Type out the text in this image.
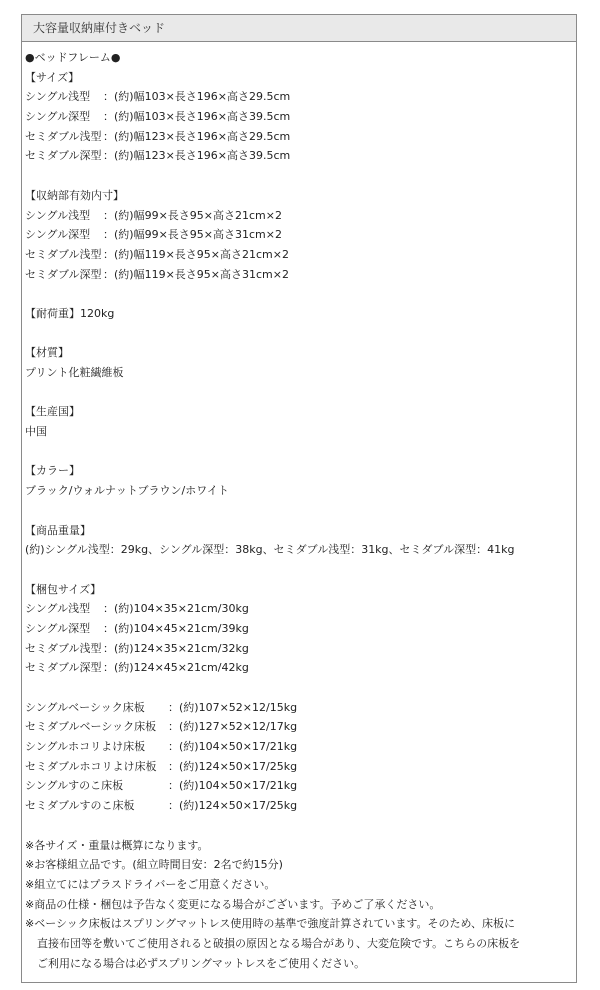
大容量収納庫付きベッド
●ベッドフレーム●
【サイズ】
シングル浅型	：(約)幅103×長さ196×高さ29.5cm
シングル深型	：(約)幅103×長さ196×高さ39.5cm
セミダブル浅型 ：(約)幅123×長さ196×高さ29.5cm
セミダブル深型 ：(約)幅123×長さ196×高さ39.5cm
【収納部有効内寸】
シングル浅型	：(約)幅99×長さ95×高さ21cm×2
シングル深型	：(約)幅99×長さ95×高さ31cm×2
セミダブル浅型 ：(約)幅119×長さ95×高さ21cm×2
セミダブル深型 ：(約)幅119×長さ95×高さ31cm×2
【耐荷重】120kg
【材質】
プリント化粧繊維板
【生産国】
中国
【カラー】
ブラック/ウォルナットブラウン/ホワイト
【商品重量】
(約)シングル浅型：29kg、シングル深型：38kg、セミダブル浅型：31kg、セミダブル深型：41kg
【梱包サイズ】
シングル浅型	：(約)104×35×21cm/30kg
シングル深型	：(約)104×45×21cm/39kg
セミダブル浅型 ：(約)124×35×21cm/32kg
セミダブル深型 ：(約)124×45×21cm/42kg
シングルベーシック床板	：(約)107×52×12/15kg
セミダブルベーシック床板	：(約)127×52×12/17kg
シングルホコリよけ床板	：(約)104×50×17/21kg
セミダブルホコリよけ床板	：(約)124×50×17/25kg
シングルすのこ床板	：(約)104×50×17/21kg
セミダブルすのこ床板	：(約)124×50×17/25kg
※各サイズ・重量は概算になります。
※お客様組立品です。(組立時間目安：2名で約15分)
※組立てにはプラスドライバーをご用意ください。
※商品の仕様・梱包は予告なく変更になる場合がございます。予めご了承ください。
※ベーシック床板はスプリングマットレス使用時の基準で強度計算されています。そのため、床板に
直接布団等を敷いてご使用されると破損の原因となる場合があり、大変危険です。こちらの床板を
ご利用になる場合は必ずスプリングマットレスをご使用ください。
